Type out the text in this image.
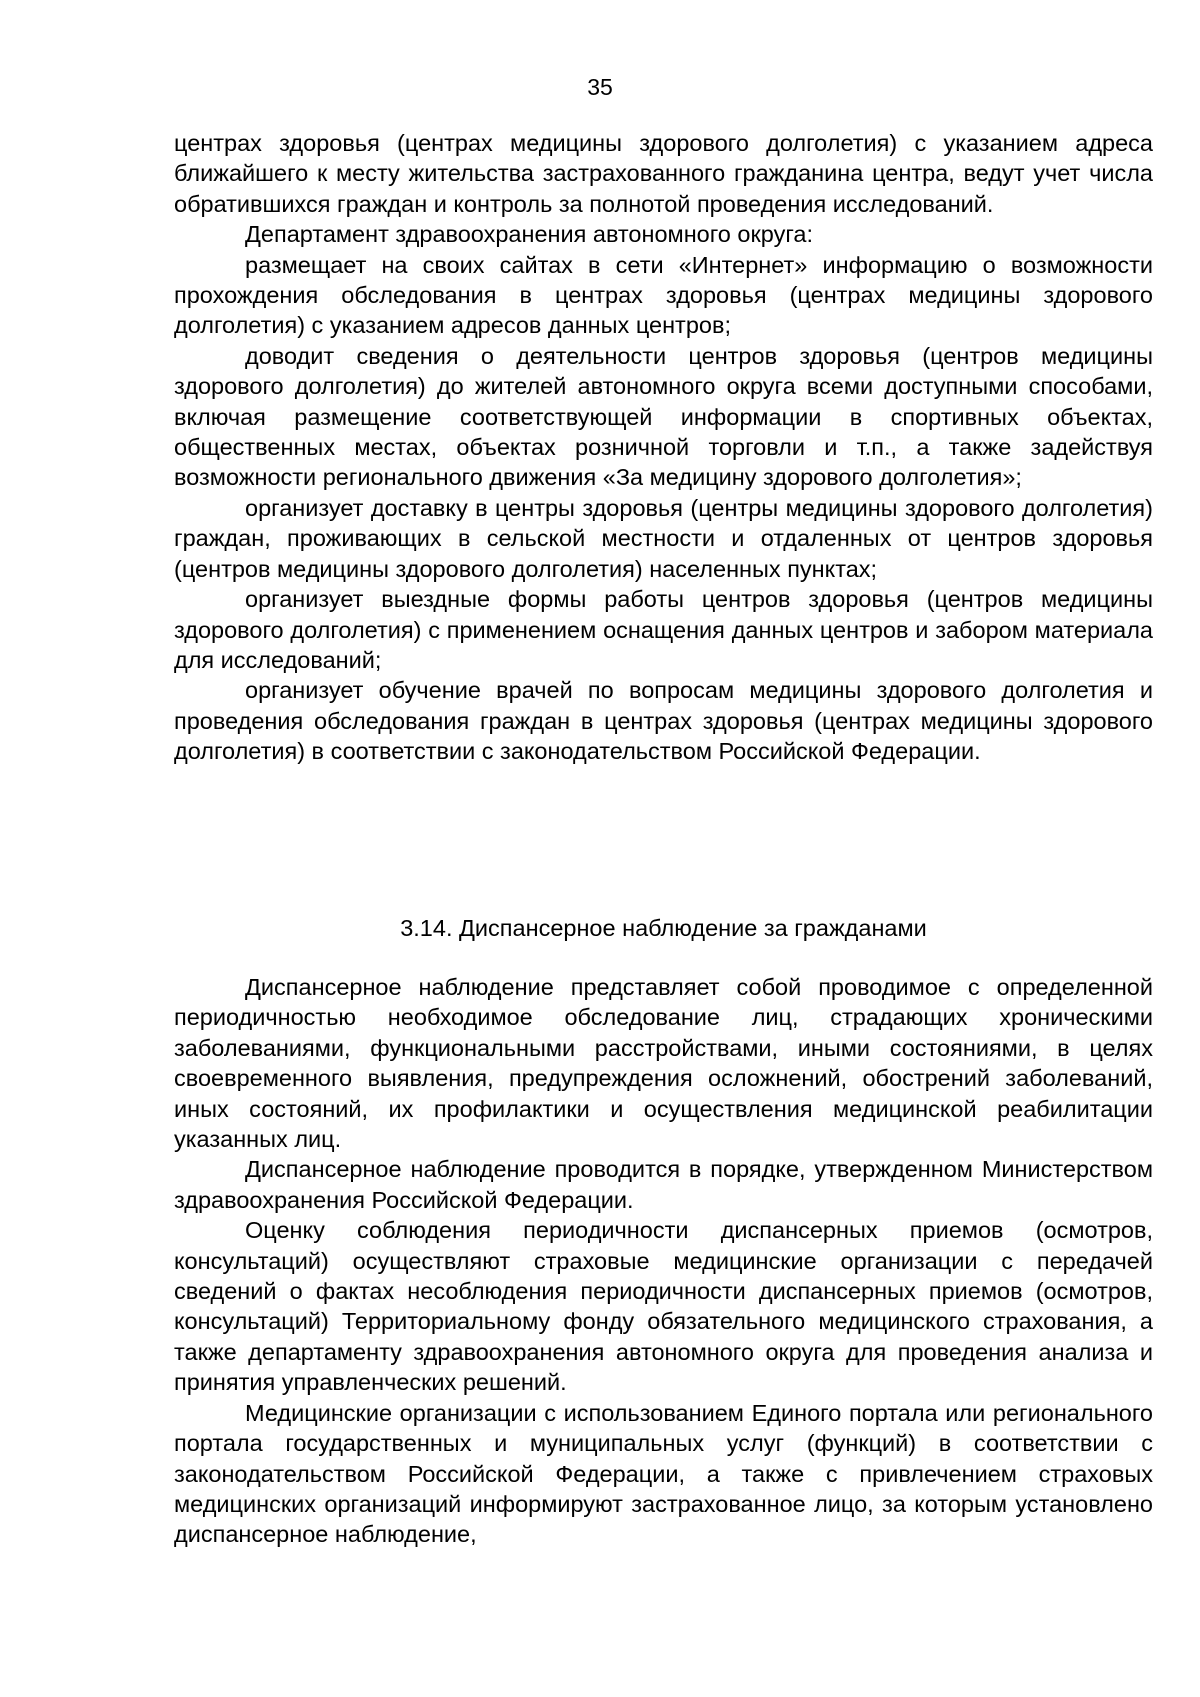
35

центрах здоровья (центрах медицины здорового долголетия) с указанием адреса ближайшего к месту жительства застрахованного гражданина центра, ведут учет числа обратившихся граждан и контроль за полнотой проведения исследований.

Департамент здравоохранения автономного округа:

размещает на своих сайтах в сети «Интернет» информацию о возможности прохождения обследования в центрах здоровья (центрах медицины здорового долголетия) с указанием адресов данных центров;

доводит сведения о деятельности центров здоровья (центров медицины здорового долголетия) до жителей автономного округа всеми доступными способами, включая размещение соответствующей информации в спортивных объектах, общественных местах, объектах розничной торговли и т.п., а также задействуя возможности регионального движения «За медицину здорового долголетия»;

организует доставку в центры здоровья (центры медицины здорового долголетия) граждан, проживающих в сельской местности и отдаленных от центров здоровья (центров медицины здорового долголетия) населенных пунктах;

организует выездные формы работы центров здоровья (центров медицины здорового долголетия) с применением оснащения данных центров и забором материала для исследований;

организует обучение врачей по вопросам медицины здорового долголетия и проведения обследования граждан в центрах здоровья (центрах медицины здорового долголетия) в соответствии с законодательством Российской Федерации.

3.14. Диспансерное наблюдение за гражданами

Диспансерное наблюдение представляет собой проводимое с определенной периодичностью необходимое обследование лиц, страдающих хроническими заболеваниями, функциональными расстройствами, иными состояниями, в целях своевременного выявления, предупреждения осложнений, обострений заболеваний, иных состояний, их профилактики и осуществления медицинской реабилитации указанных лиц.

Диспансерное наблюдение проводится в порядке, утвержденном Министерством здравоохранения Российской Федерации.

Оценку соблюдения периодичности диспансерных приемов (осмотров, консультаций) осуществляют страховые медицинские организации с передачей сведений о фактах несоблюдения периодичности диспансерных приемов (осмотров, консультаций) Территориальному фонду обязательного медицинского страхования, а также департаменту здравоохранения автономного округа для проведения анализа и принятия управленческих решений.

Медицинские организации с использованием Единого портала или регионального портала государственных и муниципальных услуг (функций) в соответствии с законодательством Российской Федерации, а также с привлечением страховых медицинских организаций информируют застрахованное лицо, за которым установлено диспансерное наблюдение,
